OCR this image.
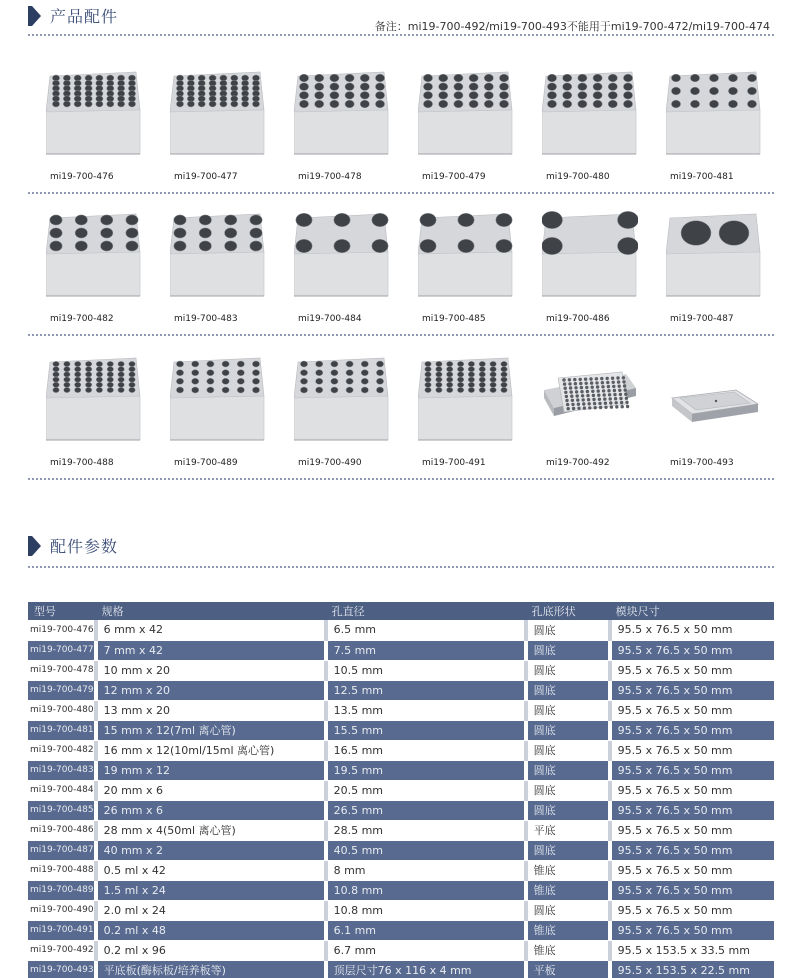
产品配件
备注：mi19-700-492/mi19-700-493不能用于mi19-700-472/mi19-700-474
mi19-700-476	mi19-700-477	mi19-700-478	mi19-700-479	mi19-700-480	mi19-700-481
mi19-700-482	mi19-700-483	mi19-700-484	mi19-700-485	mi19-700-486	mi19-700-487
mi19-700-488	mi19-700-489	mi19-700-490	mi19-700-491	mi19-700-492	mi19-700-493
配件参数
型号	规格	孔直径	孔底形状	模块尺寸
mi19-700-476	6 mm x 42	6.5 mm	圆底	95.5 x 76.5 x 50 mm
mi19-700-477	7 mm x 42	7.5 mm	圆底	95.5 x 76.5 x 50 mm
mi19-700-478	10 mm x 20	10.5 mm	圆底	95.5 x 76.5 x 50 mm
mi19-700-479	12 mm x 20	12.5 mm	圆底	95.5 x 76.5 x 50 mm
mi19-700-480	13 mm x 20	13.5 mm	圆底	95.5 x 76.5 x 50 mm
mi19-700-481	15 mm x 12(7ml 离心管)	15.5 mm	圆底	95.5 x 76.5 x 50 mm
mi19-700-482	16 mm x 12(10ml/15ml 离心管)	16.5 mm	圆底	95.5 x 76.5 x 50 mm
mi19-700-483	19 mm x 12	19.5 mm	圆底	95.5 x 76.5 x 50 mm
mi19-700-484	20 mm x 6	20.5 mm	圆底	95.5 x 76.5 x 50 mm
mi19-700-485	26 mm x 6	26.5 mm	圆底	95.5 x 76.5 x 50 mm
mi19-700-486	28 mm x 4(50ml 离心管)	28.5 mm	平底	95.5 x 76.5 x 50 mm
mi19-700-487	40 mm x 2	40.5 mm	圆底	95.5 x 76.5 x 50 mm
mi19-700-488	0.5 ml x 42	8 mm	锥底	95.5 x 76.5 x 50 mm
mi19-700-489	1.5 ml x 24	10.8 mm	锥底	95.5 x 76.5 x 50 mm
mi19-700-490	2.0 ml x 24	10.8 mm	圆底	95.5 x 76.5 x 50 mm
mi19-700-491	0.2 ml x 48	6.1 mm	锥底	95.5 x 76.5 x 50 mm
mi19-700-492	0.2 ml x 96	6.7 mm	锥底	95.5 x 153.5 x 33.5 mm
mi19-700-493	平底板(酶标板/培养板等)	顶层尺寸76 x 116 x 4 mm	平板	95.5 x 153.5 x 22.5 mm
